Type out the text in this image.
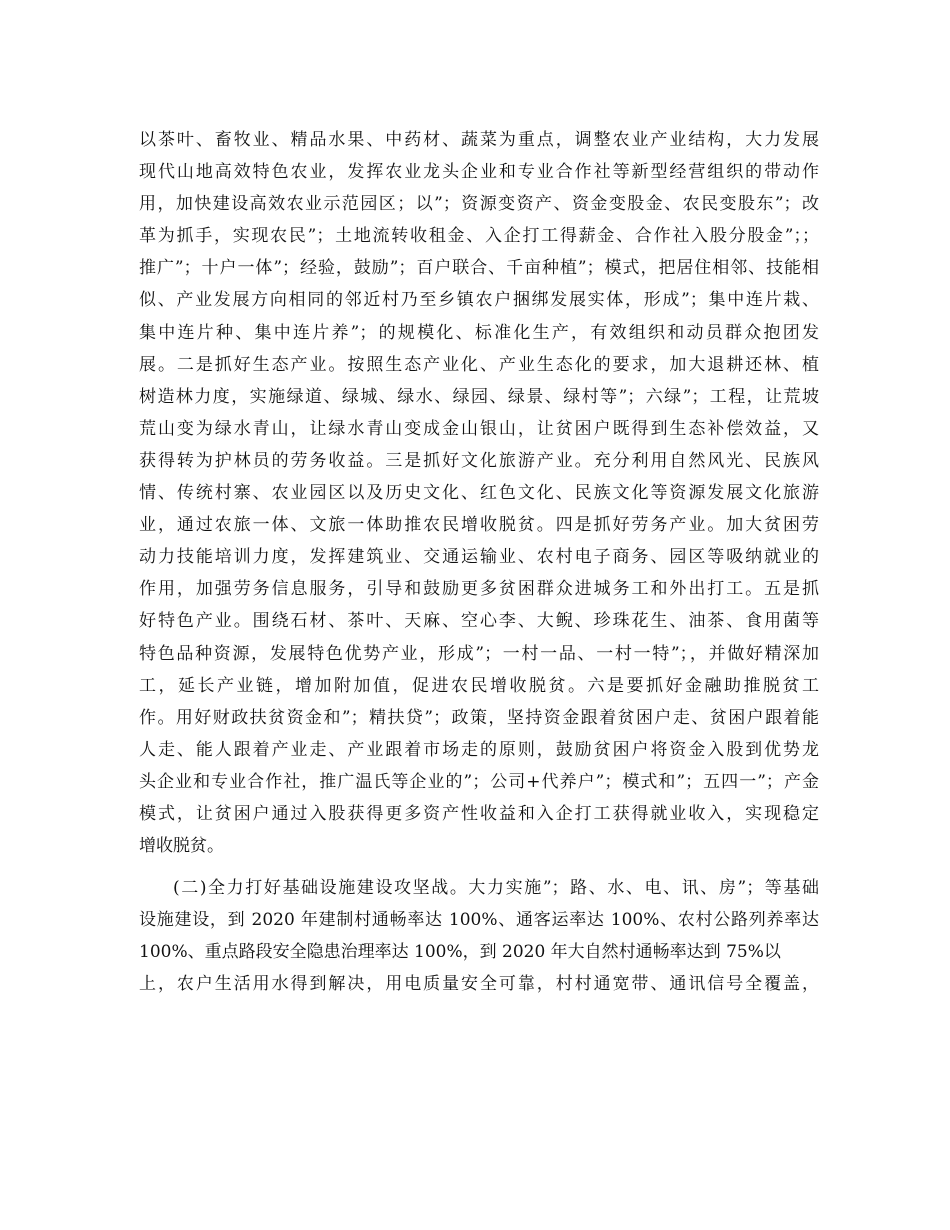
以茶叶、畜牧业、精品水果、中药材、蔬菜为重点，调整农业产业结构，大力发展
现代山地高效特色农业，发挥农业龙头企业和专业合作社等新型经营组织的带动作
用，加快建设高效农业示范园区；以”；资源变资产、资金变股金、农民变股东”；改
革为抓手，实现农民”；土地流转收租金、入企打工得薪金、合作社入股分股金”；；
推广”；十户一体”；经验，鼓励”；百户联合、千亩种植”；模式，把居住相邻、技能相
似、产业发展方向相同的邻近村乃至乡镇农户捆绑发展实体，形成”；集中连片栽、
集中连片种、集中连片养”；的规模化、标准化生产，有效组织和动员群众抱团发
展。二是抓好生态产业。按照生态产业化、产业生态化的要求，加大退耕还林、植
树造林力度，实施绿道、绿城、绿水、绿园、绿景、绿村等”；六绿”；工程，让荒坡
荒山变为绿水青山，让绿水青山变成金山银山，让贫困户既得到生态补偿效益，又
获得转为护林员的劳务收益。三是抓好文化旅游产业。充分利用自然风光、民族风
情、传统村寨、农业园区以及历史文化、红色文化、民族文化等资源发展文化旅游
业，通过农旅一体、文旅一体助推农民增收脱贫。四是抓好劳务产业。加大贫困劳
动力技能培训力度，发挥建筑业、交通运输业、农村电子商务、园区等吸纳就业的
作用，加强劳务信息服务，引导和鼓励更多贫困群众进城务工和外出打工。五是抓
好特色产业。围绕石材、茶叶、天麻、空心李、大鲵、珍珠花生、油茶、食用菌等
特色品种资源，发展特色优势产业，形成”；一村一品、一村一特”；，并做好精深加
工，延长产业链，增加附加值，促进农民增收脱贫。六是要抓好金融助推脱贫工
作。用好财政扶贫资金和”；精扶贷”；政策，坚持资金跟着贫困户走、贫困户跟着能
人走、能人跟着产业走、产业跟着市场走的原则，鼓励贫困户将资金入股到优势龙
头企业和专业合作社，推广温氏等企业的”；公司+代养户”；模式和”；五四一”；产金
模式，让贫困户通过入股获得更多资产性收益和入企打工获得就业收入，实现稳定
增收脱贫。
(二)全力打好基础设施建设攻坚战。大力实施”；路、水、电、讯、房”；等基础
设施建设，到 2020 年建制村通畅率达 100%、通客运率达 100%、农村公路列养率达
100%、重点路段安全隐患治理率达 100%，到 2020 年大自然村通畅率达到 75%以
上，农户生活用水得到解决，用电质量安全可靠，村村通宽带、通讯信号全覆盖，
